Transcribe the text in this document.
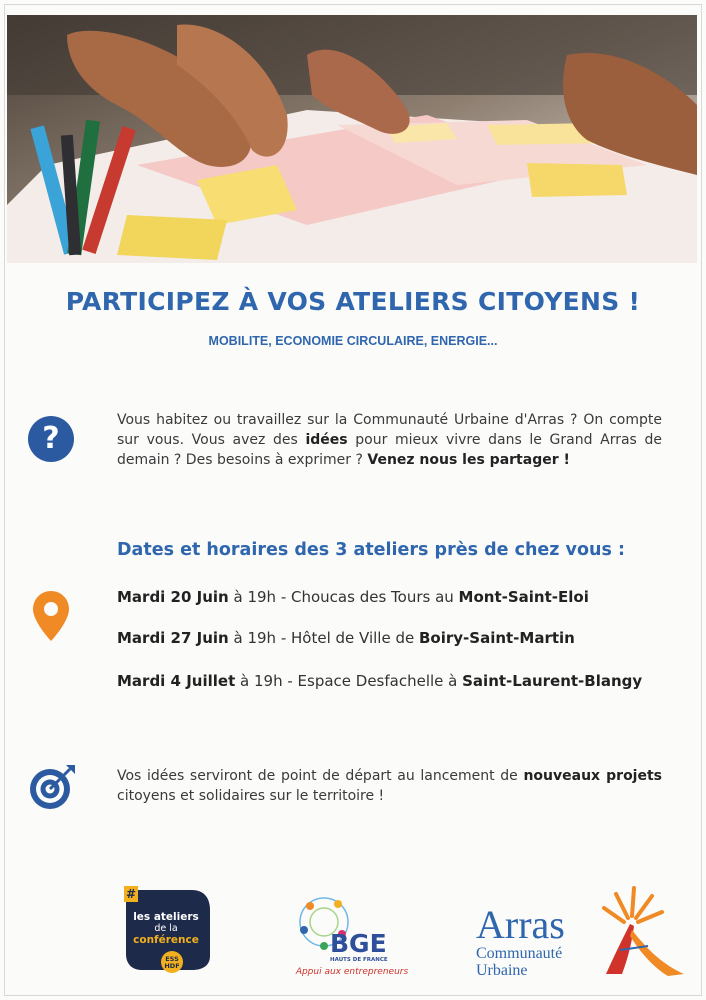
PARTICIPEZ À VOS ATELIERS CITOYENS !
MOBILITE, ECONOMIE CIRCULAIRE, ENERGIE...
?
Vous habitez ou travaillez sur la Communauté Urbaine d'Arras ? On compte sur vous. Vous avez des idées pour mieux vivre dans le Grand Arras de demain ? Des besoins à exprimer ? Venez nous les partager !
Dates et horaires des 3 ateliers près de chez vous :
Mardi 20 Juin à 19h - Choucas des Tours au Mont-Saint-Eloi
Mardi 27 Juin à 19h - Hôtel de Ville de Boiry-Saint-Martin
Mardi 4 Juillet à 19h - Espace Desfachelle à Saint-Laurent-Blangy
Vos idées serviront de point de départ au lancement de nouveaux projets citoyens et solidaires sur le territoire !
#
les ateliers
de la
conférence
ESS
HDF
BGE
HAUTS DE FRANCE
Appui aux entrepreneurs
Arras
Communauté
Urbaine
